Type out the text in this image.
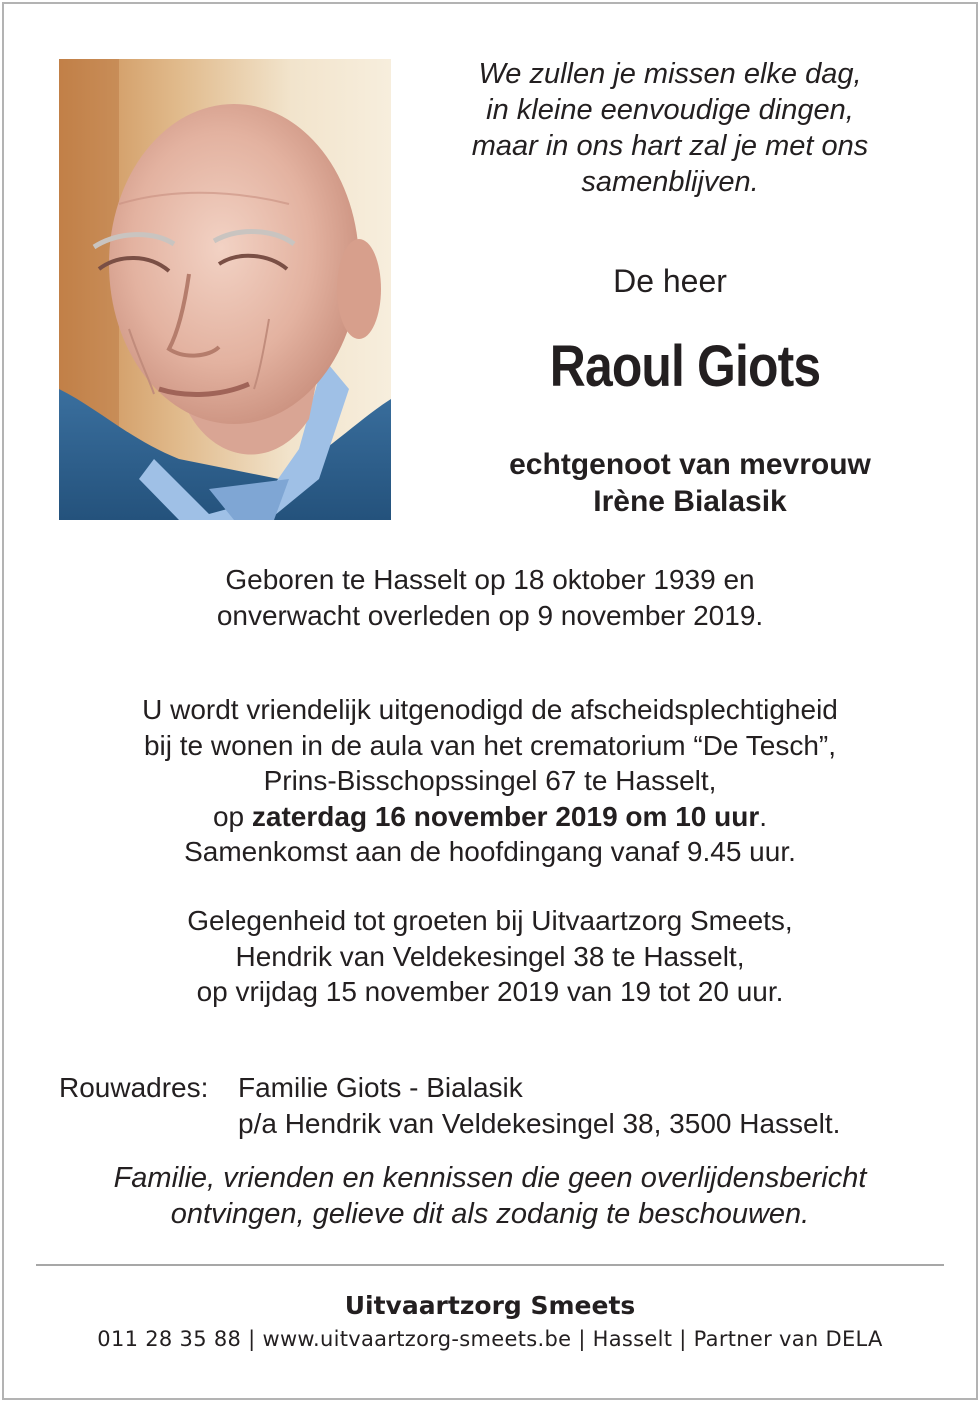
We zullen je missen elke dag,
in kleine eenvoudige dingen,
maar in ons hart zal je met ons
samenblijven.
De heer
Raoul Giots
echtgenoot van mevrouw
Irène Bialasik
Geboren te Hasselt op 18 oktober 1939 en
onverwacht overleden op 9 november 2019.
U wordt vriendelijk uitgenodigd de afscheidsplechtigheid
bij te wonen in de aula van het crematorium “De Tesch”,
Prins-Bisschopssingel 67 te Hasselt,
op zaterdag 16 november 2019 om 10 uur.
Samenkomst aan de hoofdingang vanaf 9.45 uur.
Gelegenheid tot groeten bij Uitvaartzorg Smeets,
Hendrik van Veldekesingel 38 te Hasselt,
op vrijdag 15 november 2019 van 19 tot 20 uur.
Rouwadres: Familie Giots - Bialasik
p/a Hendrik van Veldekesingel 38, 3500 Hasselt.
Familie, vrienden en kennissen die geen overlijdensbericht
ontvingen, gelieve dit als zodanig te beschouwen.
Uitvaartzorg Smeets
011 28 35 88 | www.uitvaartzorg-smeets.be | Hasselt | Partner van DELA
